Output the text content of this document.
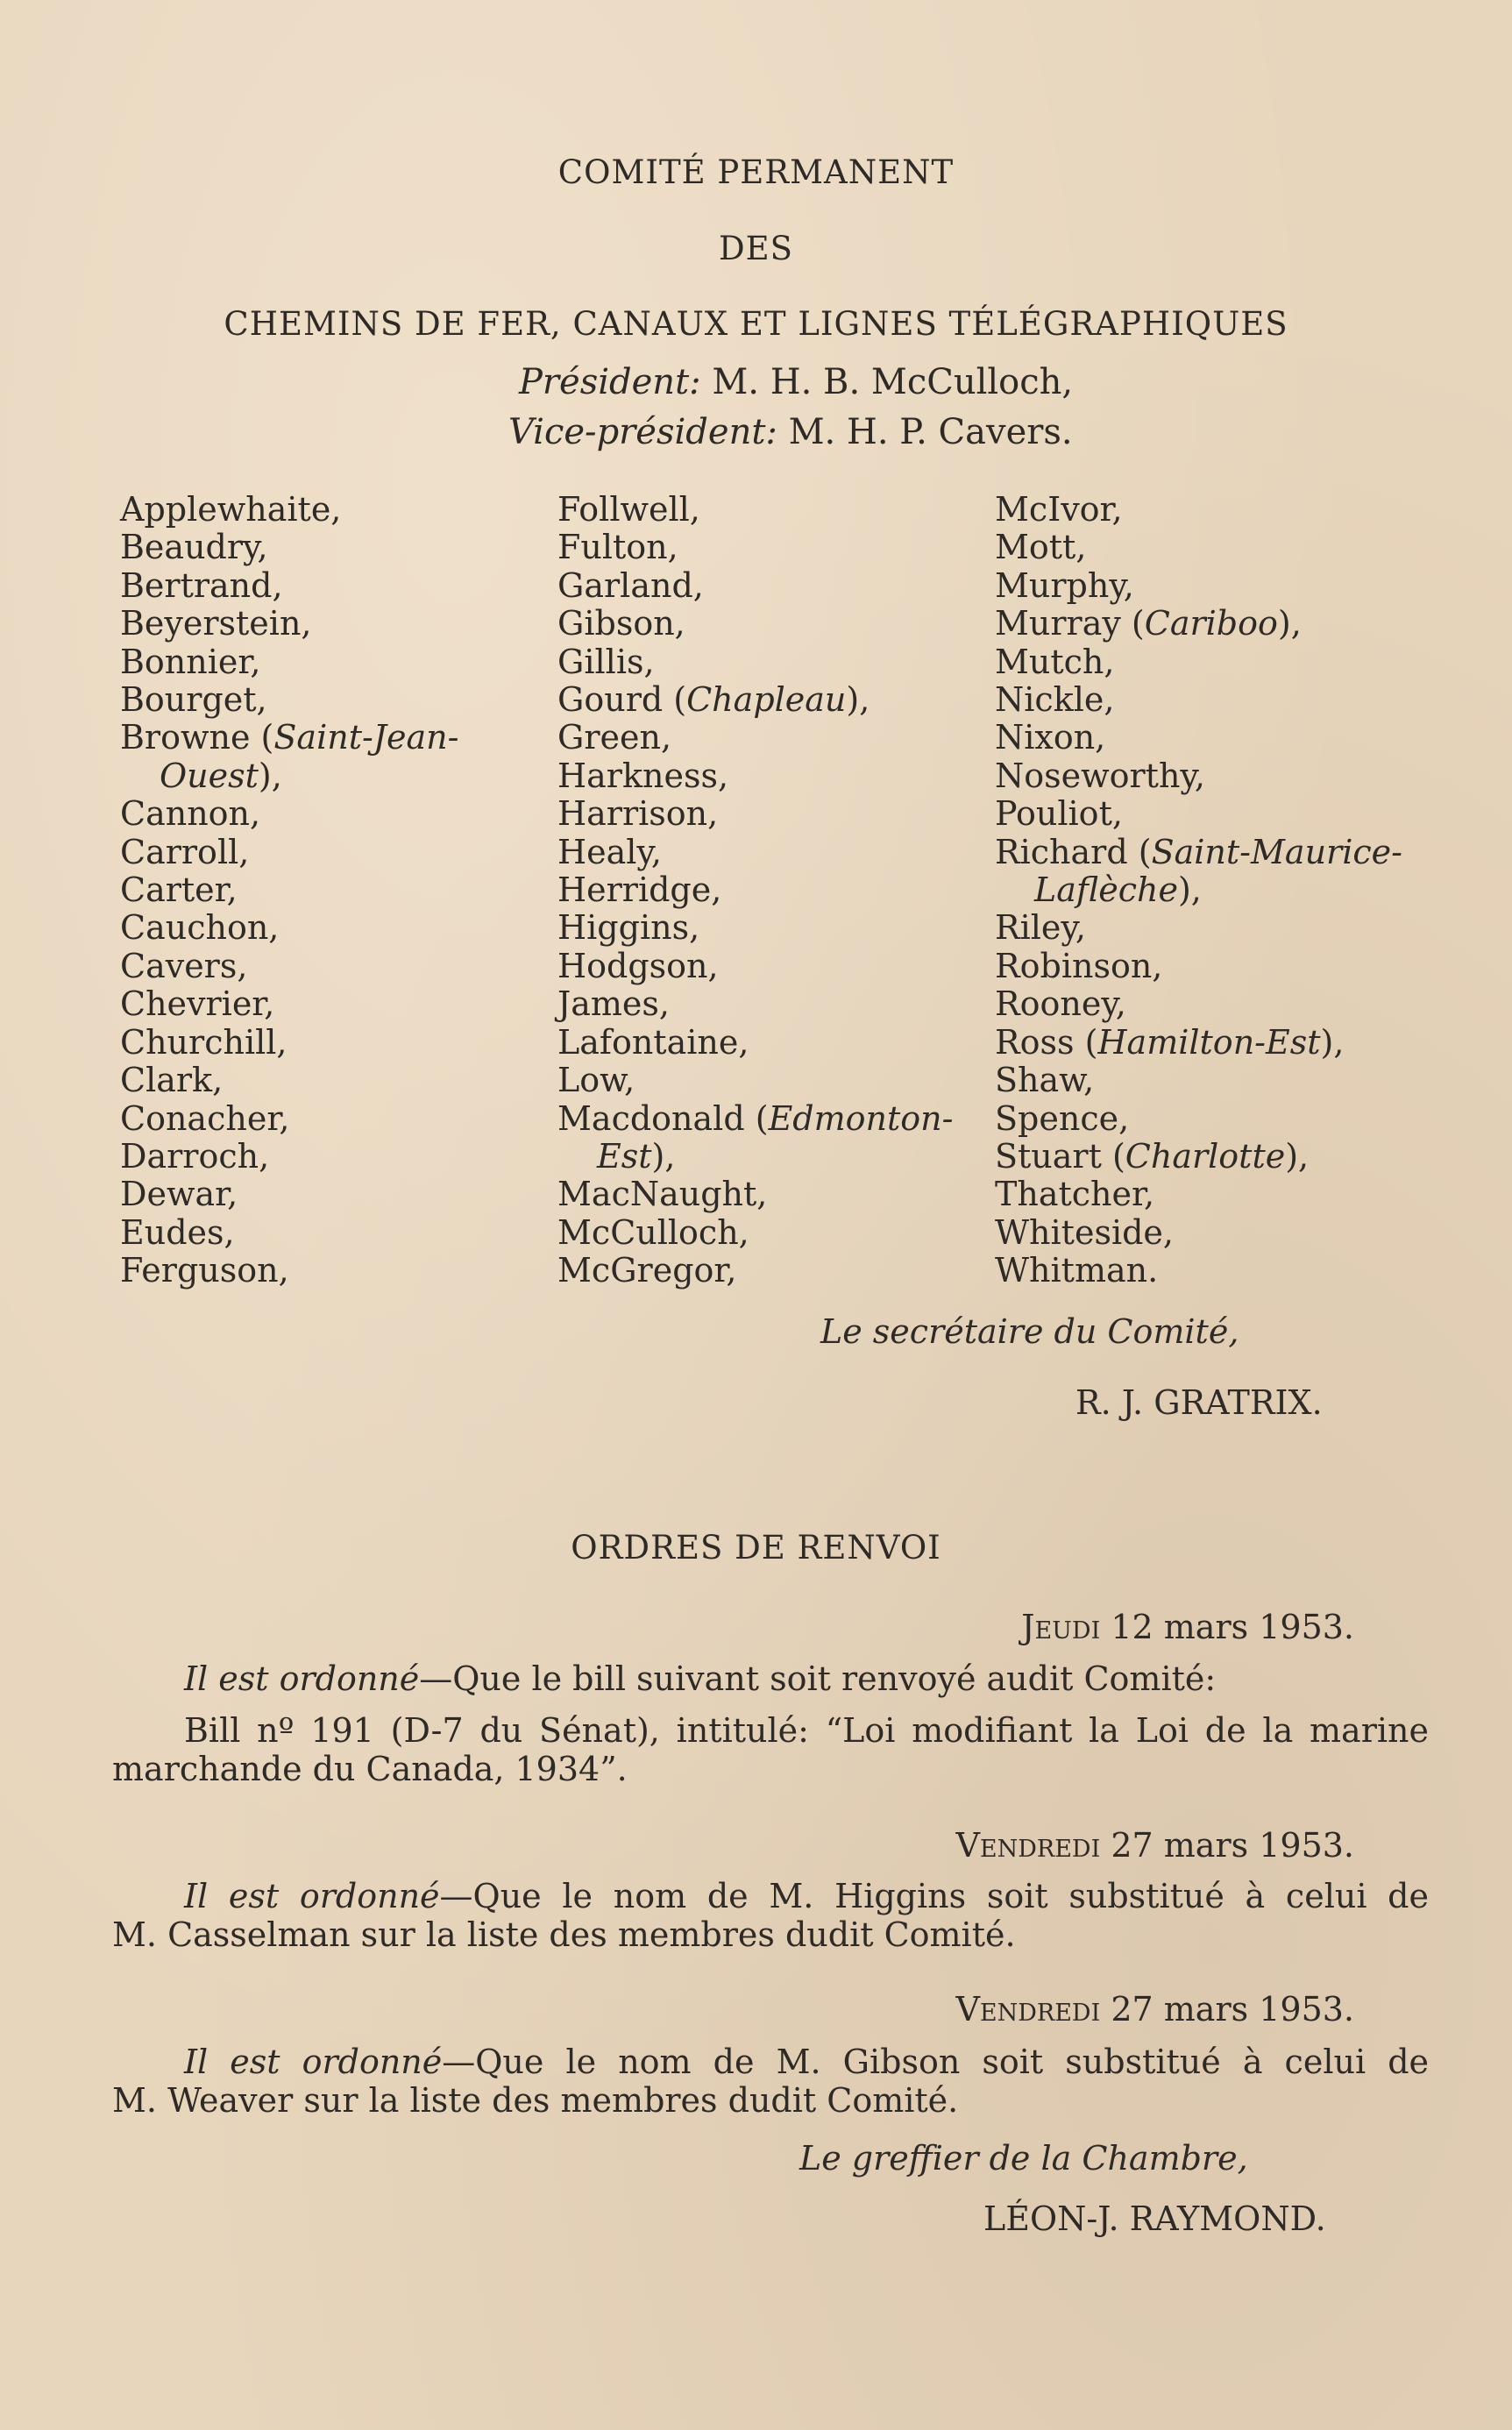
COMITÉ PERMANENT
DES
CHEMINS DE FER, CANAUX ET LIGNES TÉLÉGRAPHIQUES
Président: M. H. B. McCulloch,
Vice-président: M. H. P. Cavers.
Applewhaite,
Beaudry,
Bertrand,
Beyerstein,
Bonnier,
Bourget,
Browne (Saint-Jean-
Ouest),
Cannon,
Carroll,
Carter,
Cauchon,
Cavers,
Chevrier,
Churchill,
Clark,
Conacher,
Darroch,
Dewar,
Eudes,
Ferguson,
Follwell,
Fulton,
Garland,
Gibson,
Gillis,
Gourd (Chapleau),
Green,
Harkness,
Harrison,
Healy,
Herridge,
Higgins,
Hodgson,
James,
Lafontaine,
Low,
Macdonald (Edmonton-
Est),
MacNaught,
McCulloch,
McGregor,
McIvor,
Mott,
Murphy,
Murray (Cariboo),
Mutch,
Nickle,
Nixon,
Noseworthy,
Pouliot,
Richard (Saint-Maurice-
Laflèche),
Riley,
Robinson,
Rooney,
Ross (Hamilton-Est),
Shaw,
Spence,
Stuart (Charlotte),
Thatcher,
Whiteside,
Whitman.
Le secrétaire du Comité,
R. J. GRATRIX.
ORDRES DE RENVOI
Jeudi 12 mars 1953.
Il est ordonné—Que le bill suivant soit renvoyé audit Comité:
Bill nº 191 (D-7 du Sénat), intitulé: “Loi modifiant la Loi de la marine
marchande du Canada, 1934”.
Vendredi 27 mars 1953.
Il est ordonné—Que le nom de M. Higgins soit substitué à celui de
M. Casselman sur la liste des membres dudit Comité.
Vendredi 27 mars 1953.
Il est ordonné—Que le nom de M. Gibson soit substitué à celui de
M. Weaver sur la liste des membres dudit Comité.
Le greffier de la Chambre,
LÉON-J. RAYMOND.
